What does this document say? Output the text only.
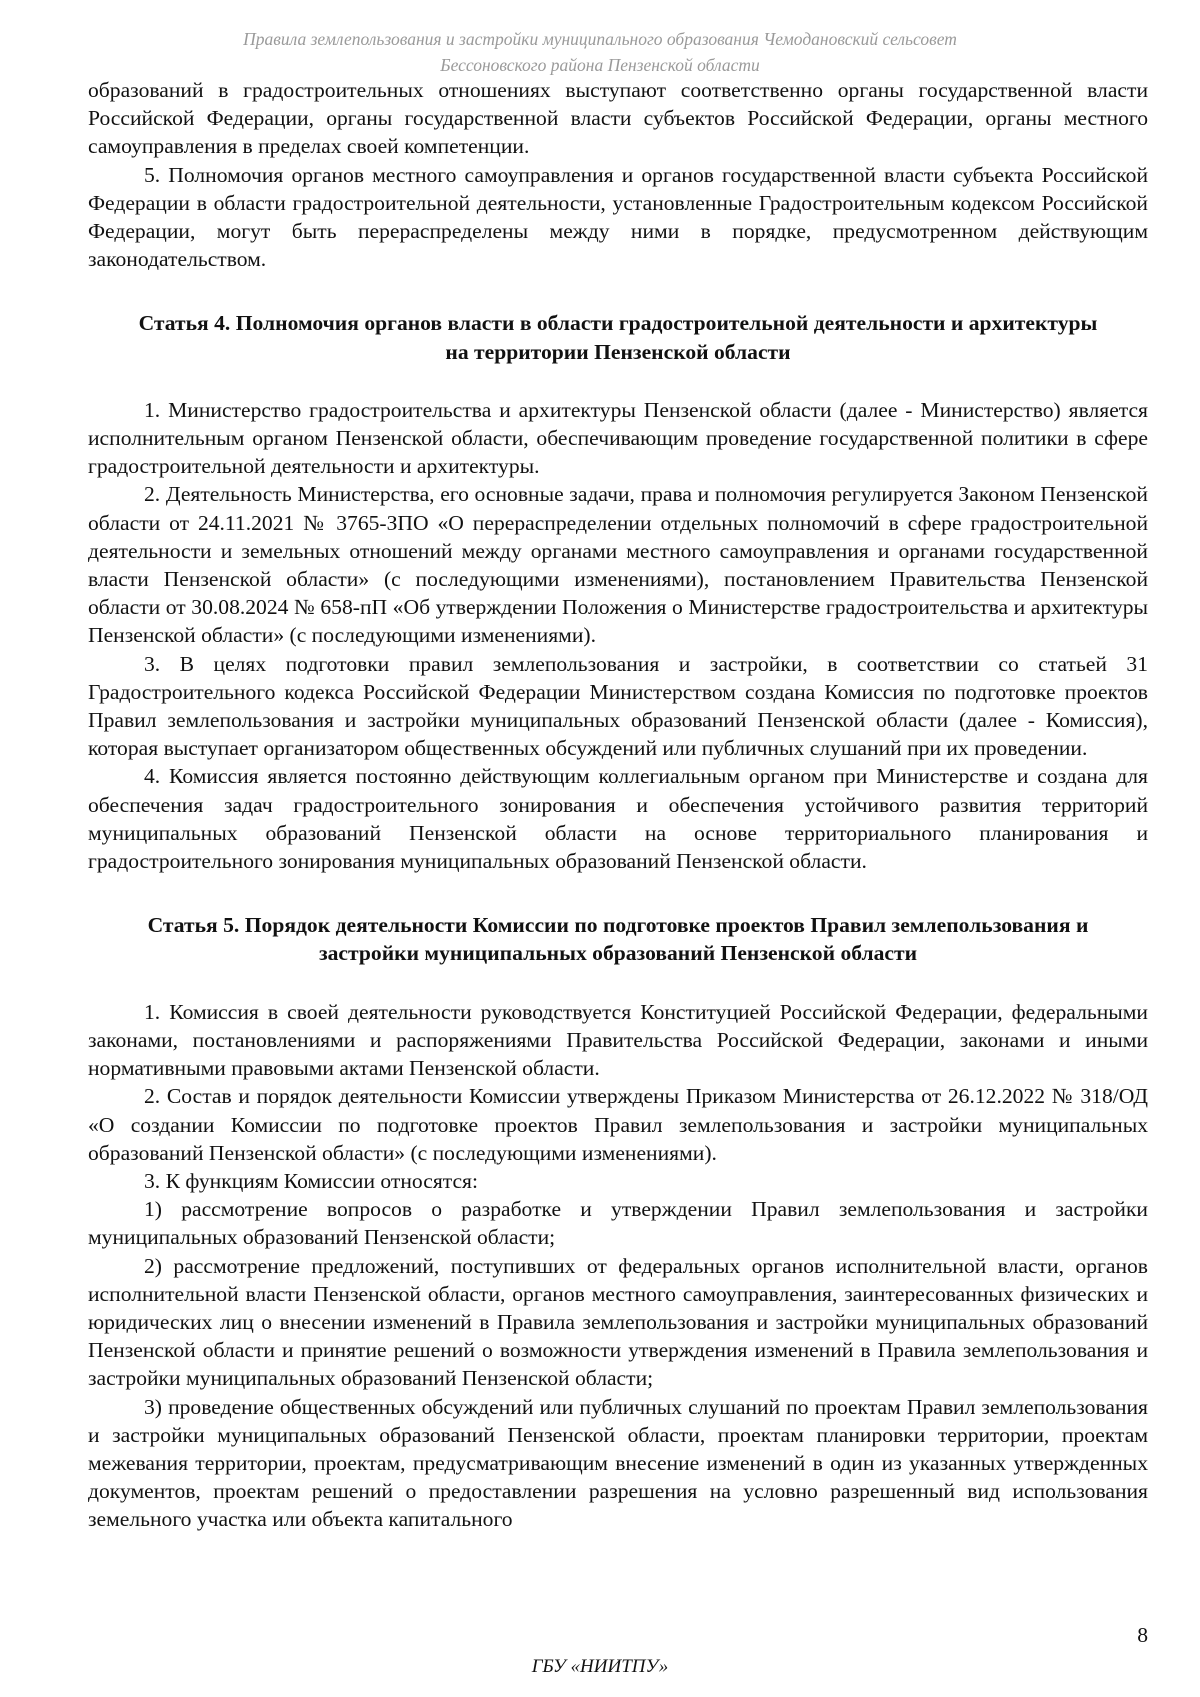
Правила землепользования и застройки муниципального образования Чемодановский сельсовет
Бессоновского района Пензенской области

образований в градостроительных отношениях выступают соответственно органы государственной власти Российской Федерации, органы государственной власти субъектов Российской Федерации, органы местного самоуправления в пределах своей компетенции.

5. Полномочия органов местного самоуправления и органов государственной власти субъекта Российской Федерации в области градостроительной деятельности, установленные Градостроительным кодексом Российской Федерации, могут быть перераспределены между ними в порядке, предусмотренном действующим законодательством.

Статья 4. Полномочия органов власти в области градостроительной деятельности и архитектуры на территории Пензенской области

1. Министерство градостроительства и архитектуры Пензенской области (далее - Министерство) является исполнительным органом Пензенской области, обеспечивающим проведение государственной политики в сфере градостроительной деятельности и архитектуры.

2. Деятельность Министерства, его основные задачи, права и полномочия регулируется Законом Пензенской области от 24.11.2021 № 3765-ЗПО «О перераспределении отдельных полномочий в сфере градостроительной деятельности и земельных отношений между органами местного самоуправления и органами государственной власти Пензенской области» (с последующими изменениями), постановлением Правительства Пензенской области от 30.08.2024 № 658-пП «Об утверждении Положения о Министерстве градостроительства и архитектуры Пензенской области» (с последующими изменениями).

3. В целях подготовки правил землепользования и застройки, в соответствии со статьей 31 Градостроительного кодекса Российской Федерации Министерством создана Комиссия по подготовке проектов Правил землепользования и застройки муниципальных образований Пензенской области (далее - Комиссия), которая выступает организатором общественных обсуждений или публичных слушаний при их проведении.

4. Комиссия является постоянно действующим коллегиальным органом при Министерстве и создана для обеспечения задач градостроительного зонирования и обеспечения устойчивого развития территорий муниципальных образований Пензенской области на основе территориального планирования и градостроительного зонирования муниципальных образований Пензенской области.

Статья 5. Порядок деятельности Комиссии по подготовке проектов Правил землепользования и застройки муниципальных образований Пензенской области

1. Комиссия в своей деятельности руководствуется Конституцией Российской Федерации, федеральными законами, постановлениями и распоряжениями Правительства Российской Федерации, законами и иными нормативными правовыми актами Пензенской области.

2. Состав и порядок деятельности Комиссии утверждены Приказом Министерства от 26.12.2022 № 318/ОД «О создании Комиссии по подготовке проектов Правил землепользования и застройки муниципальных образований Пензенской области» (с последующими изменениями).

3. К функциям Комиссии относятся:

1) рассмотрение вопросов о разработке и утверждении Правил землепользования и застройки муниципальных образований Пензенской области;

2) рассмотрение предложений, поступивших от федеральных органов исполнительной власти, органов исполнительной власти Пензенской области, органов местного самоуправления, заинтересованных физических и юридических лиц о внесении изменений в Правила землепользования и застройки муниципальных образований Пензенской области и принятие решений о возможности утверждения изменений в Правила землепользования и застройки муниципальных образований Пензенской области;

3) проведение общественных обсуждений или публичных слушаний по проектам Правил землепользования и застройки муниципальных образований Пензенской области, проектам планировки территории, проектам межевания территории, проектам, предусматривающим внесение изменений в один из указанных утвержденных документов, проектам решений о предоставлении разрешения на условно разрешенный вид использования земельного участка или объекта капитального

8
ГБУ «НИИТПУ»
